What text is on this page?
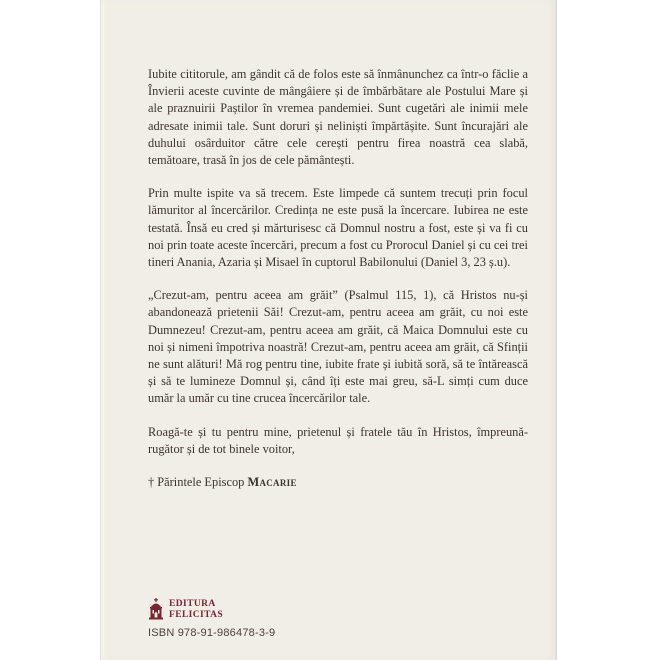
Iubite cititorule, am gândit că de folos este să înmânunchez ca într-o făclie a Învierii aceste cuvinte de mângâiere și de îmbărbătare ale Postului Mare și ale praznuirii Paștilor în vremea pandemiei. Sunt cugetări ale inimii mele adresate inimii tale. Sunt doruri și neliniști împărtășite. Sunt încurajări ale duhului osârduitor către cele cerești pentru firea noastră cea slabă, temătoare, trasă în jos de cele pământești.

Prin multe ispite va să trecem. Este limpede că suntem trecuți prin focul lămuritor al încercărilor. Credința ne este pusă la încercare. Iubirea ne este testată. Însă eu cred și mărturisesc că Domnul nostru a fost, este și va fi cu noi prin toate aceste încercări, precum a fost cu Prorocul Daniel și cu cei trei tineri Anania, Azaria și Misael în cuptorul Babilonului (Daniel 3, 23 ș.u).

„Crezut-am, pentru aceea am grăit” (Psalmul 115, 1), că Hristos nu-și abandonează prietenii Săi! Crezut-am, pentru aceea am grăit, cu noi este Dumnezeu! Crezut-am, pentru aceea am grăit, că Maica Domnului este cu noi și nimeni împotriva noastră! Crezut-am, pentru aceea am grăit, că Sfinții ne sunt alături! Mă rog pentru tine, iubite frate și iubită soră, să te întărească și să te lumineze Domnul și, când îți este mai greu, să-L simți cum duce umăr la umăr cu tine crucea încercărilor tale.

Roagă-te și tu pentru mine, prietenul și fratele tău în Hristos, împreună-rugător și de tot binele voitor,

† Părintele Episcop Macarie

EDITURA
FELICITAS
ISBN 978-91-986478-3-9
